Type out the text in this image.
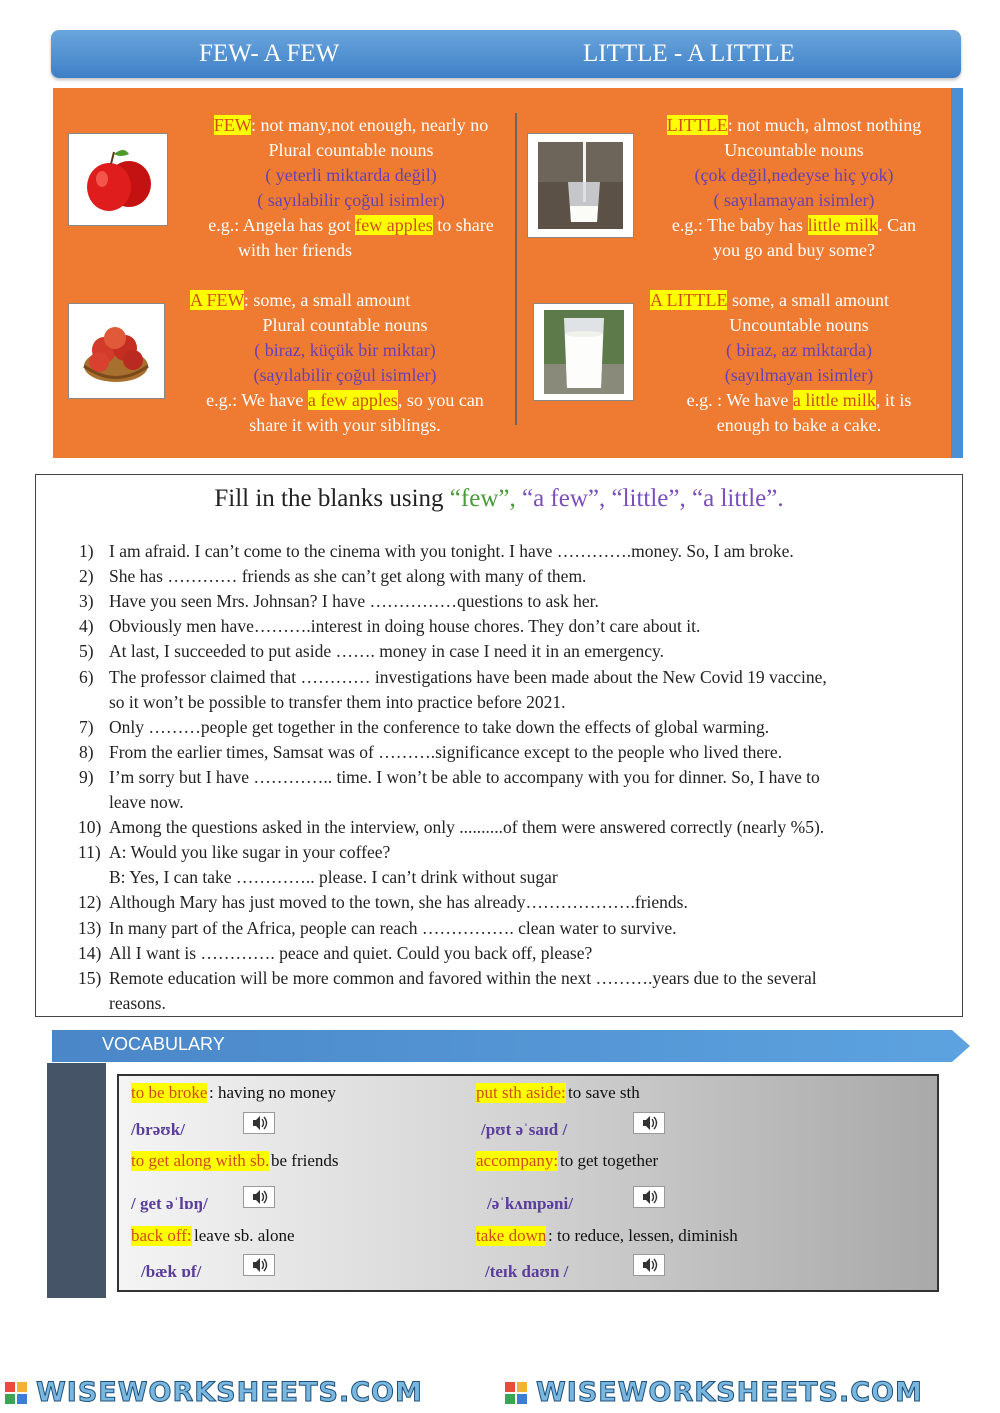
FEW- A FEW	LITTLE - A LITTLE
FEW: not many,not enough, nearly no
Plural countable nouns
( yeterli miktarda değil)
( sayılabilir çoğul isimler)
e.g.: Angela has got few apples to share
with her friends
LITTLE: not much, almost nothing
Uncountable nouns
(çok değil,nedeyse hiç yok)
( sayılamayan isimler)
e.g.: The baby has little milk. Can
you go and buy some?
A FEW: some, a small amount
Plural countable nouns
( biraz, küçük bir miktar)
(sayılabilir çoğul isimler)
e.g.: We have a few apples, so you can
share it with your siblings.
A LITTLE some, a small amount
Uncountable nouns
( biraz, az miktarda)
(sayılmayan isimler)
e.g. : We have a little milk, it is
enough to bake a cake.
Fill in the blanks using “few”, “a few”, “little”, “a little”.
1) I am afraid. I can’t come to the cinema with you tonight. I have ………….money. So, I am broke.
2) She has ………… friends as she can’t get along with many of them.
3) Have you seen Mrs. Johnsan? I have ……………questions to ask her.
4) Obviously men have……….interest in doing house chores. They don’t care about it.
5) At last, I succeeded to put aside ……. money in case I need it in an emergency.
6) The professor claimed that ………… investigations have been made about the New Covid 19 vaccine,
so it won’t be possible to transfer them into practice before 2021.
7) Only ………people get together in the conference to take down the effects of global warming.
8) From the earlier times, Samsat was of ……….significance except to the people who lived there.
9) I’m sorry but I have ………….. time. I won’t be able to accompany with you for dinner. So, I have to
leave now.
10) Among the questions asked in the interview, only ..........of them were answered correctly (nearly %5).
11) A: Would you like sugar in your coffee?
B: Yes, I can take ………….. please. I can’t drink without sugar
12) Although Mary has just moved to the town, she has already……………….friends.
13) In many part of the Africa, people can reach ……………. clean water to survive.
14) All I want is …………. peace and quiet. Could you back off, please?
15) Remote education will be more common and favored within the next ……….years due to the several
reasons.
VOCABULARY
to be broke : having no money
/brəʊk/
put sth aside: to save sth
/pʊt əˈsaɪd /
to get along with sb. be friends
/ get əˈlɒŋ/
accompany: to get together
/əˈkʌmpəni/
back off: leave sb. alone
/bæk ɒf/
take down : to reduce, lessen, diminish
/teɪk daʊn /
WISEWORKSHEETS.COM	WISEWORKSHEETS.COM
